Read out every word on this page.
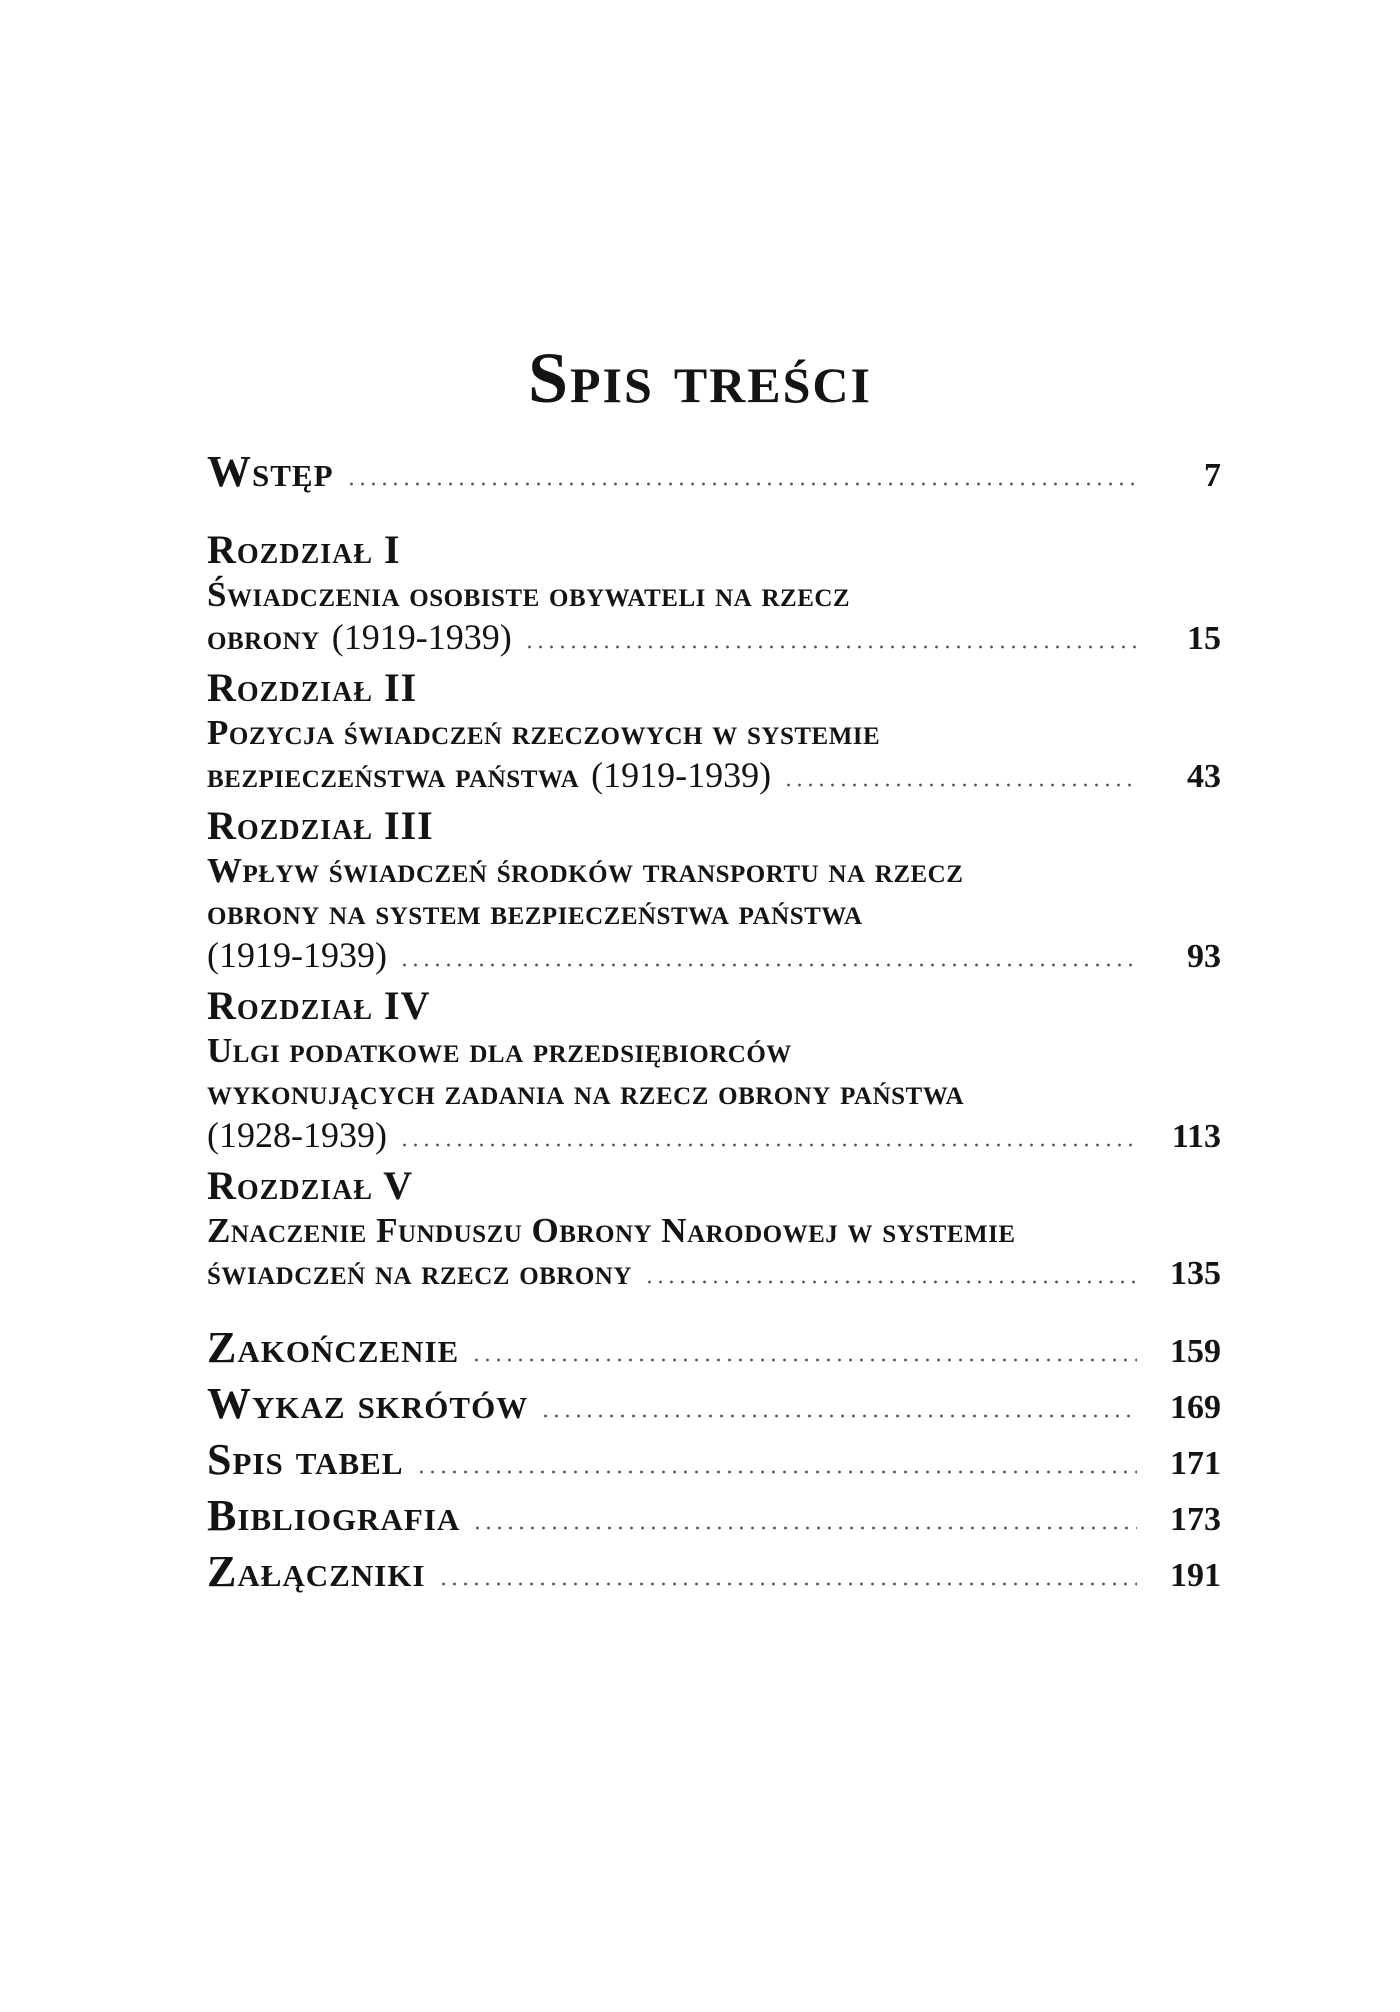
Spis treści
Wstęp	7
Rozdział I
Świadczenia osobiste obywateli na rzecz
obrony (1919-1939)	15
Rozdział II
Pozycja świadczeń rzeczowych w systemie
bezpieczeństwa państwa (1919-1939)	43
Rozdział III
Wpływ świadczeń środków transportu na rzecz
obrony na system bezpieczeństwa państwa
(1919-1939)	93
Rozdział IV
Ulgi podatkowe dla przedsiębiorców
wykonujących zadania na rzecz obrony państwa
(1928-1939)	113
Rozdział V
Znaczenie Funduszu Obrony Narodowej w systemie
świadczeń na rzecz obrony	135
Zakończenie	159
Wykaz skrótów	169
Spis tabel	171
Bibliografia	173
Załączniki	191
